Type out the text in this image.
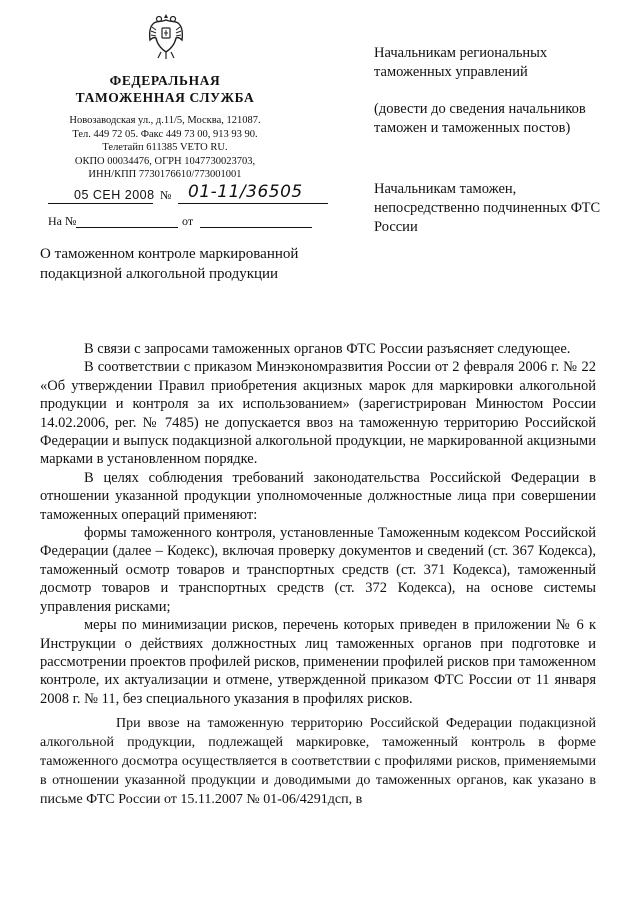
ФЕДЕРАЛЬНАЯ
ТАМОЖЕННАЯ СЛУЖБА
Новозаводская ул., д.11/5, Москва, 121087.
Тел. 449 72 05. Факс 449 73 00, 913 93 90.
Телетайп 611385 VETO RU.
ОКПО 00034476, ОГРН 1047730023703,
ИНН/КПП 7730176610/773001001
05 СЕН 2008 № 01-11/36505
На №	от
Начальникам региональных таможенных управлений
(довести до сведения начальников таможен и таможенных постов)
Начальникам таможен, непосредственно подчиненных ФТС России
О таможенном контроле маркированной подакцизной алкогольной продукции

В связи с запросами таможенных органов ФТС России разъясняет следующее.

В соответствии с приказом Минэкономразвития России от 2 февраля 2006 г. № 22 «Об утверждении Правил приобретения акцизных марок для маркировки алкогольной продукции и контроля за их использованием» (зарегистрирован Минюстом России 14.02.2006, рег. № 7485) не допускается ввоз на таможенную территорию Российской Федерации и выпуск подакцизной алкогольной продукции, не маркированной акцизными марками в установленном порядке.

В целях соблюдения требований законодательства Российской Федерации в отношении указанной продукции уполномоченные должностные лица при совершении таможенных операций применяют:

формы таможенного контроля, установленные Таможенным кодексом Российской Федерации (далее – Кодекс), включая проверку документов и сведений (ст. 367 Кодекса), таможенный осмотр товаров и транспортных средств (ст. 371 Кодекса), таможенный досмотр товаров и транспортных средств (ст. 372 Кодекса), на основе системы управления рисками;

меры по минимизации рисков, перечень которых приведен в приложении № 6 к Инструкции о действиях должностных лиц таможенных органов при подготовке и рассмотрении проектов профилей рисков, применении профилей рисков при таможенном контроле, их актуализации и отмене, утвержденной приказом ФТС России от 11 января 2008 г. № 11, без специального указания в профилях рисков.

При ввозе на таможенную территорию Российской Федерации подакцизной алкогольной продукции, подлежащей маркировке, таможенный контроль в форме таможенного досмотра осуществляется в соответствии с профилями рисков, применяемыми в отношении указанной продукции и доводимыми до таможенных органов, как указано в письме ФТС России от 15.11.2007 № 01-06/4291дсп, в
